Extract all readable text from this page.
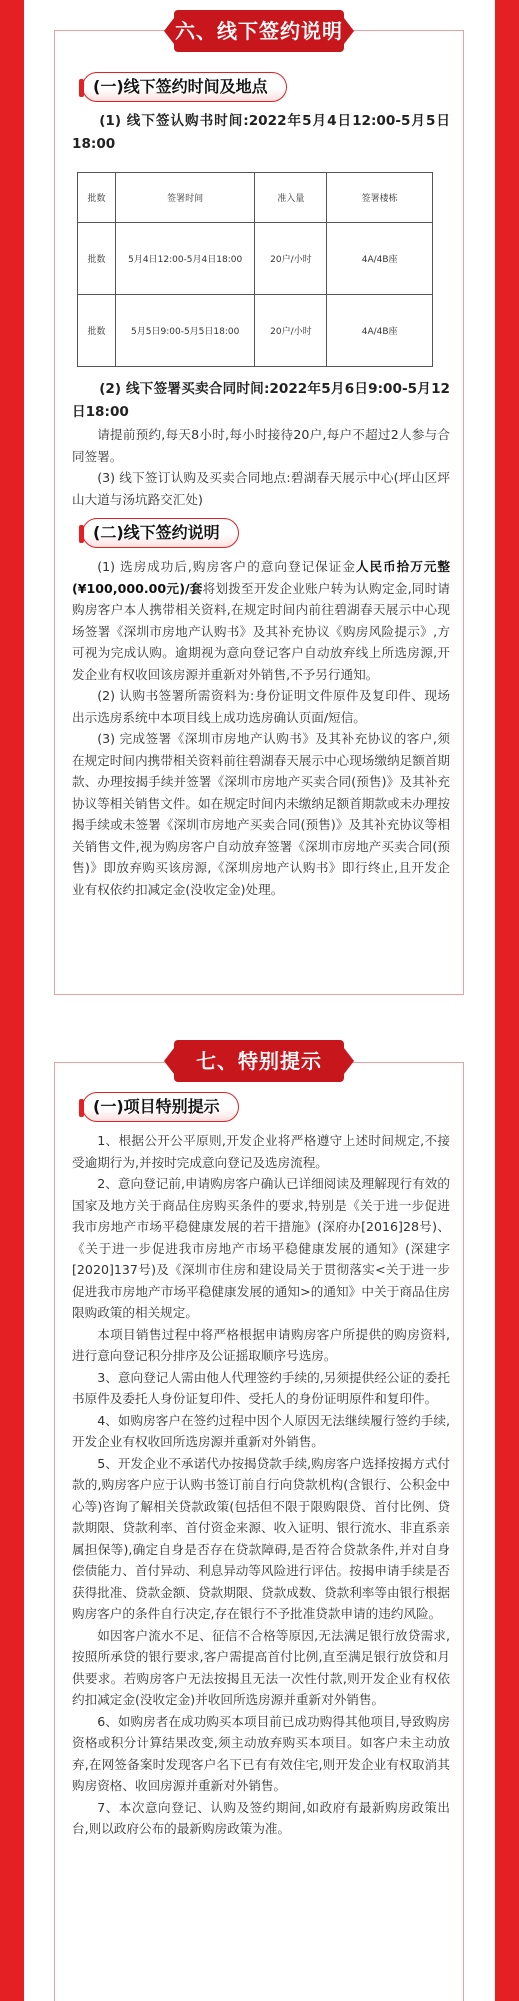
六、线下签约说明
(一)线下签约时间及地点
(1) 线下签认购书时间:2022年5月4日12:00-5月5日18:00
批数	签署时间	准入量	签署楼栋
批数	5月4日12:00-5月4日18:00	20户/小时	4A/4B座
批数	5月5日9:00-5月5日18:00	20户/小时	4A/4B座

(2) 线下签署买卖合同时间:2022年5月6日9:00-5月12日18:00

请提前预约,每天8小时,每小时接待20户,每户不超过2人参与合同签署。

(3) 线下签订认购及买卖合同地点:碧湖春天展示中心(坪山区坪山大道与汤坑路交汇处)

(二)线下签约说明

(1) 选房成功后,购房客户的意向登记保证金人民币拾万元整(¥100,000.00元)/套将划拨至开发企业账户转为认购定金,同时请购房客户本人携带相关资料,在规定时间内前往碧湖春天展示中心现场签署《深圳市房地产认购书》及其补充协议《购房风险提示》,方可视为完成认购。逾期视为意向登记客户自动放弃线上所选房源,开发企业有权收回该房源并重新对外销售,不予另行通知。

(2) 认购书签署所需资料为:身份证明文件原件及复印件、现场出示选房系统中本项目线上成功选房确认页面/短信。

(3) 完成签署《深圳市房地产认购书》及其补充协议的客户,须在规定时间内携带相关资料前往碧湖春天展示中心现场缴纳足额首期款、办理按揭手续并签署《深圳市房地产买卖合同(预售)》及其补充协议等相关销售文件。如在规定时间内未缴纳足额首期款或未办理按揭手续或未签署《深圳市房地产买卖合同(预售)》及其补充协议等相关销售文件,视为购房客户自动放弃签署《深圳市房地产买卖合同(预售)》即放弃购买该房源,《深圳房地产认购书》即行终止,且开发企业有权依约扣减定金(没收定金)处理。

七、特别提示
(一)项目特别提示

1、根据公开公平原则,开发企业将严格遵守上述时间规定,不接受逾期行为,并按时完成意向登记及选房流程。

2、意向登记前,申请购房客户确认已详细阅读及理解现行有效的国家及地方关于商品住房购买条件的要求,特别是《关于进一步促进我市房地产市场平稳健康发展的若干措施》(深府办[2016]28号)、《关于进一步促进我市房地产市场平稳健康发展的通知》(深建字[2020]137号)及《深圳市住房和建设局关于贯彻落实<关于进一步促进我市房地产市场平稳健康发展的通知>的通知》中关于商品住房限购政策的相关规定。

本项目销售过程中将严格根据申请购房客户所提供的购房资料,进行意向登记积分排序及公证摇取顺序号选房。

3、意向登记人需由他人代理签约手续的,另须提供经公证的委托书原件及委托人身份证复印件、受托人的身份证明原件和复印件。

4、如购房客户在签约过程中因个人原因无法继续履行签约手续,开发企业有权收回所选房源并重新对外销售。

5、开发企业不承诺代办按揭贷款手续,购房客户选择按揭方式付款的,购房客户应于认购书签订前自行向贷款机构(含银行、公积金中心等)咨询了解相关贷款政策(包括但不限于限购限贷、首付比例、贷款期限、贷款利率、首付资金来源、收入证明、银行流水、非直系亲属担保等),确定自身是否存在贷款障碍,是否符合贷款条件,并对自身偿债能力、首付异动、利息异动等风险进行评估。按揭申请手续是否获得批准、贷款金额、贷款期限、贷款成数、贷款利率等由银行根据购房客户的条件自行决定,存在银行不予批准贷款申请的违约风险。

如因客户流水不足、征信不合格等原因,无法满足银行放贷需求,按照所承贷的银行要求,客户需提高首付比例,直至满足银行放贷和月供要求。若购房客户无法按揭且无法一次性付款,则开发企业有权依约扣减定金(没收定金)并收回所选房源并重新对外销售。

6、如购房者在成功购买本项目前已成功购得其他项目,导致购房资格或积分计算结果改变,须主动放弃购买本项目。如客户未主动放弃,在网签备案时发现客户名下已有有效住宅,则开发企业有权取消其购房资格、收回房源并重新对外销售。

7、本次意向登记、认购及签约期间,如政府有最新购房政策出台,则以政府公布的最新购房政策为准。
